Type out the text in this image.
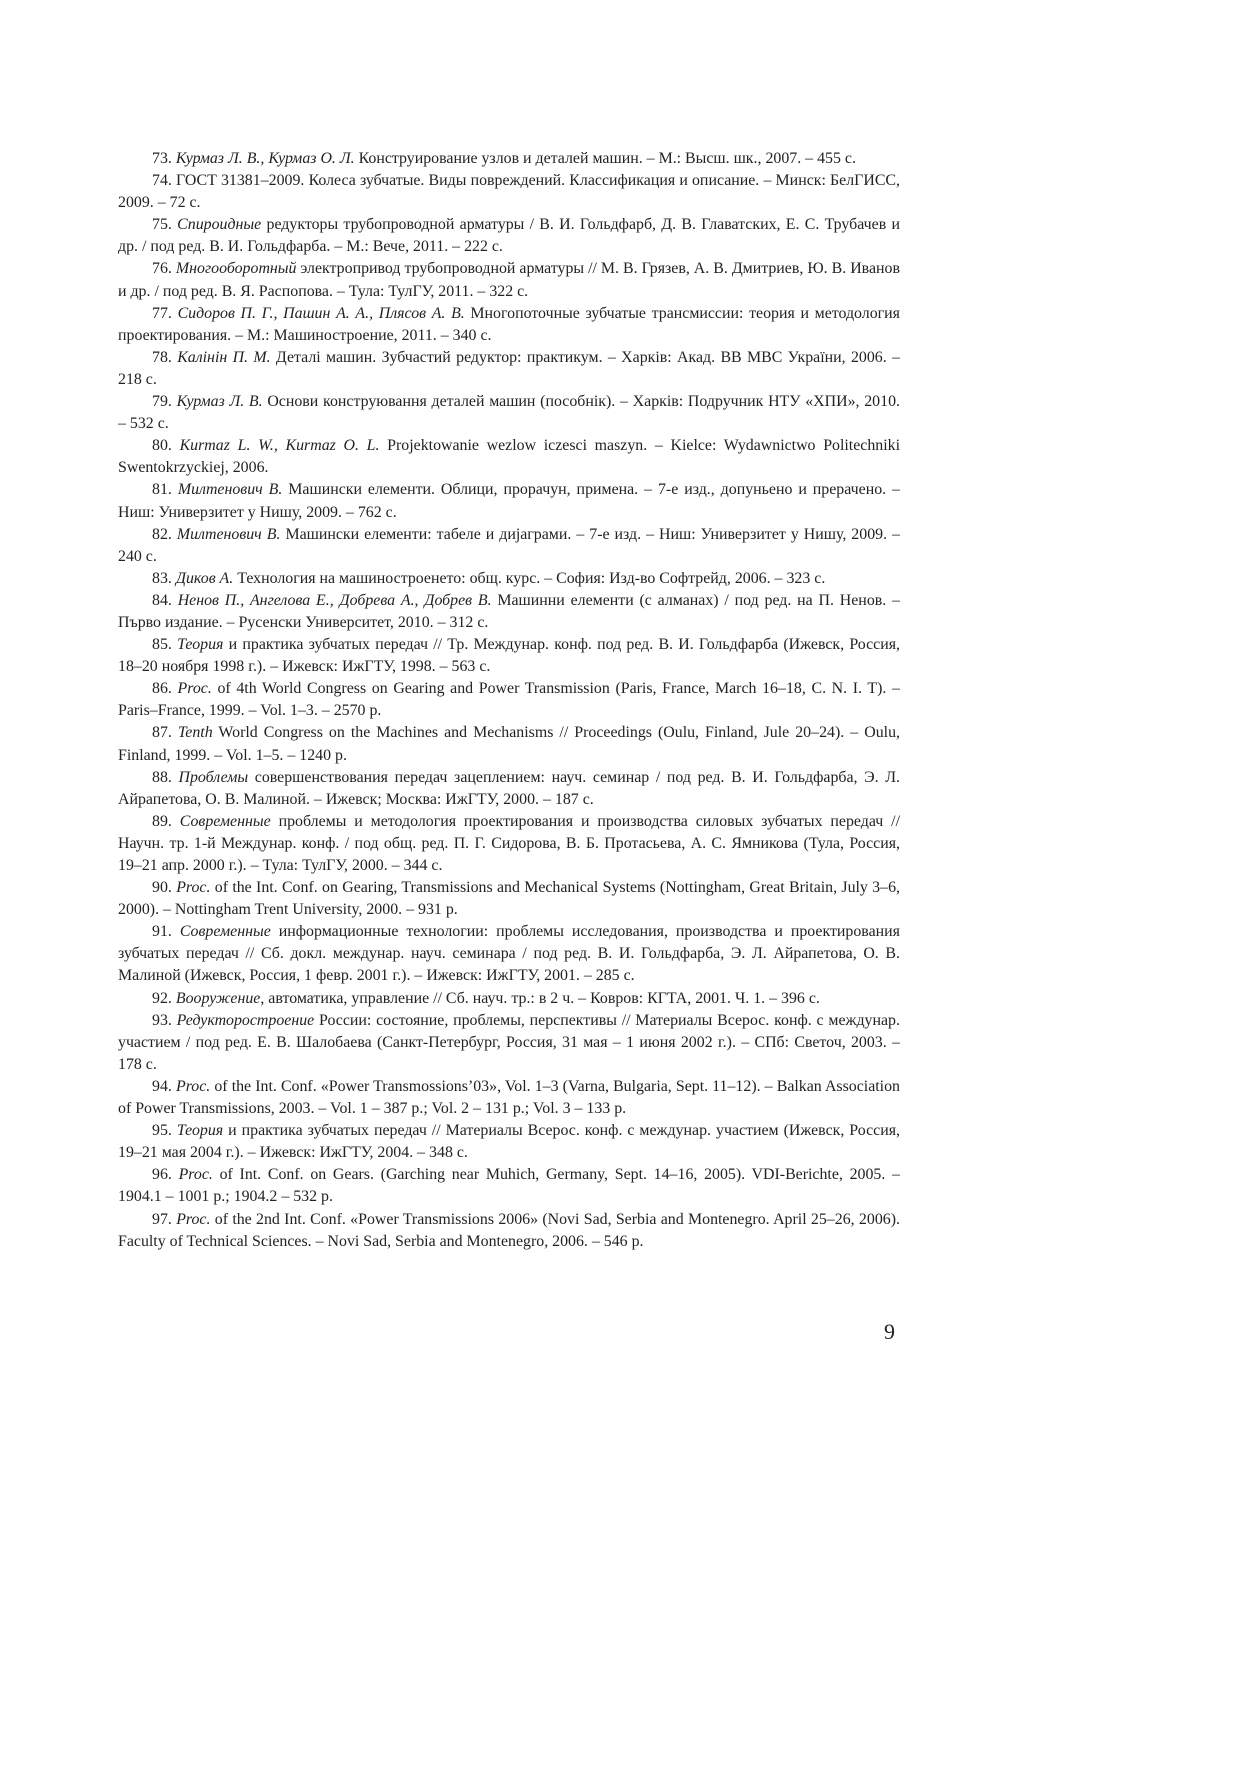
73. Курмаз Л. В., Курмаз О. Л. Конструирование узлов и деталей машин. – М.: Высш. шк., 2007. – 455 с.
74. ГОСТ 31381–2009. Колеса зубчатые. Виды повреждений. Классификация и описание. – Минск: БелГИСС, 2009. – 72 с.
75. Спироидные редукторы трубопроводной арматуры / В. И. Гольдфарб, Д. В. Главатских, Е. С. Трубачев и др. / под ред. В. И. Гольдфарба. – М.: Вече, 2011. – 222 с.
76. Многооборотный электропривод трубопроводной арматуры // М. В. Грязев, А. В. Дмитриев, Ю. В. Иванов и др. / под ред. В. Я. Распопова. – Тула: ТулГУ, 2011. – 322 с.
77. Сидоров П. Г., Пашин А. А., Плясов А. В. Многопоточные зубчатые трансмиссии: теория и методология проектирования. – М.: Машиностроение, 2011. – 340 с.
78. Калінін П. М. Деталі машин. Зубчастий редуктор: практикум. – Харків: Акад. ВВ МВС України, 2006. – 218 с.
79. Курмаз Л. В. Основи конструювання деталей машин (пособнік). – Харків: Подручник НТУ «ХПИ», 2010. – 532 с.
80. Kurmaz L. W., Kurmaz O. L. Projektowanie wezlow iczesci maszyn. – Kielce: Wydawnictwo Politechniki Swentokrzyckiej, 2006.
81. Милтенович В. Машински елементи. Облици, прорачун, примена. – 7-е изд., допуньено и прерачено. – Ниш: Универзитет у Нишу, 2009. – 762 с.
82. Милтенович В. Машински елементи: табеле и дијаграми. – 7-е изд. – Ниш: Универзитет у Нишу, 2009. – 240 с.
83. Диков А. Технология на машиностроенето: общ. курс. – София: Изд-во Софтрейд, 2006. – 323 с.
84. Ненов П., Ангелова Е., Добрева А., Добрев В. Машинни елементи (с алманах) / под ред. на П. Ненов. – Първо издание. – Русенски Университет, 2010. – 312 с.
85. Теория и практика зубчатых передач // Тр. Междунар. конф. под ред. В. И. Гольдфарба (Ижевск, Россия, 18–20 ноября 1998 г.). – Ижевск: ИжГТУ, 1998. – 563 с.
86. Proc. of 4th World Congress on Gearing and Power Transmission (Paris, France, March 16–18, C. N. I. T). – Paris–France, 1999. – Vol. 1–3. – 2570 p.
87. Tenth World Congress on the Machines and Mechanisms // Proceedings (Oulu, Finland, Jule 20–24). – Oulu, Finland, 1999. – Vol. 1–5. – 1240 p.
88. Проблемы совершенствования передач зацеплением: науч. семинар / под ред. В. И. Гольдфарба, Э. Л. Айрапетова, О. В. Малиной. – Ижевск; Москва: ИжГТУ, 2000. – 187 с.
89. Современные проблемы и методология проектирования и производства силовых зубчатых передач // Научн. тр. 1-й Междунар. конф. / под общ. ред. П. Г. Сидорова, В. Б. Протасьева, А. С. Ямникова (Тула, Россия, 19–21 апр. 2000 г.). – Тула: ТулГУ, 2000. – 344 с.
90. Proc. of the Int. Conf. on Gearing, Transmissions and Mechanical Systems (Nottingham, Great Britain, July 3–6, 2000). – Nottingham Trent University, 2000. – 931 p.
91. Современные информационные технологии: проблемы исследования, производства и проектирования зубчатых передач // Сб. докл. междунар. науч. семинара / под ред. В. И. Гольдфарба, Э. Л. Айрапетова, О. В. Малиной (Ижевск, Россия, 1 февр. 2001 г.). – Ижевск: ИжГТУ, 2001. – 285 с.
92. Вооружение, автоматика, управление // Сб. науч. тр.: в 2 ч. – Ковров: КГТА, 2001. Ч. 1. – 396 с.
93. Редукторостроение России: состояние, проблемы, перспективы // Материалы Всерос. конф. с междунар. участием / под ред. Е. В. Шалобаева (Санкт-Петербург, Россия, 31 мая – 1 июня 2002 г.). – СПб: Светоч, 2003. – 178 с.
94. Proc. of the Int. Conf. «Power Transmossions’03», Vol. 1–3 (Varna, Bulgaria, Sept. 11–12). – Balkan Association of Power Transmissions, 2003. – Vol. 1 – 387 p.; Vol. 2 – 131 p.; Vol. 3 – 133 p.
95. Теория и практика зубчатых передач // Материалы Всерос. конф. с междунар. участием (Ижевск, Россия, 19–21 мая 2004 г.). – Ижевск: ИжГТУ, 2004. – 348 с.
96. Proc. of Int. Conf. on Gears. (Garching near Muhich, Germany, Sept. 14–16, 2005). VDI-Berichte, 2005. – 1904.1 – 1001 p.; 1904.2 – 532 p.
97. Proc. of the 2nd Int. Conf. «Power Transmissions 2006» (Novi Sad, Serbia and Montenegro. April 25–26, 2006). Faculty of Technical Sciences. – Novi Sad, Serbia and Montenegro, 2006. – 546 p.
9
